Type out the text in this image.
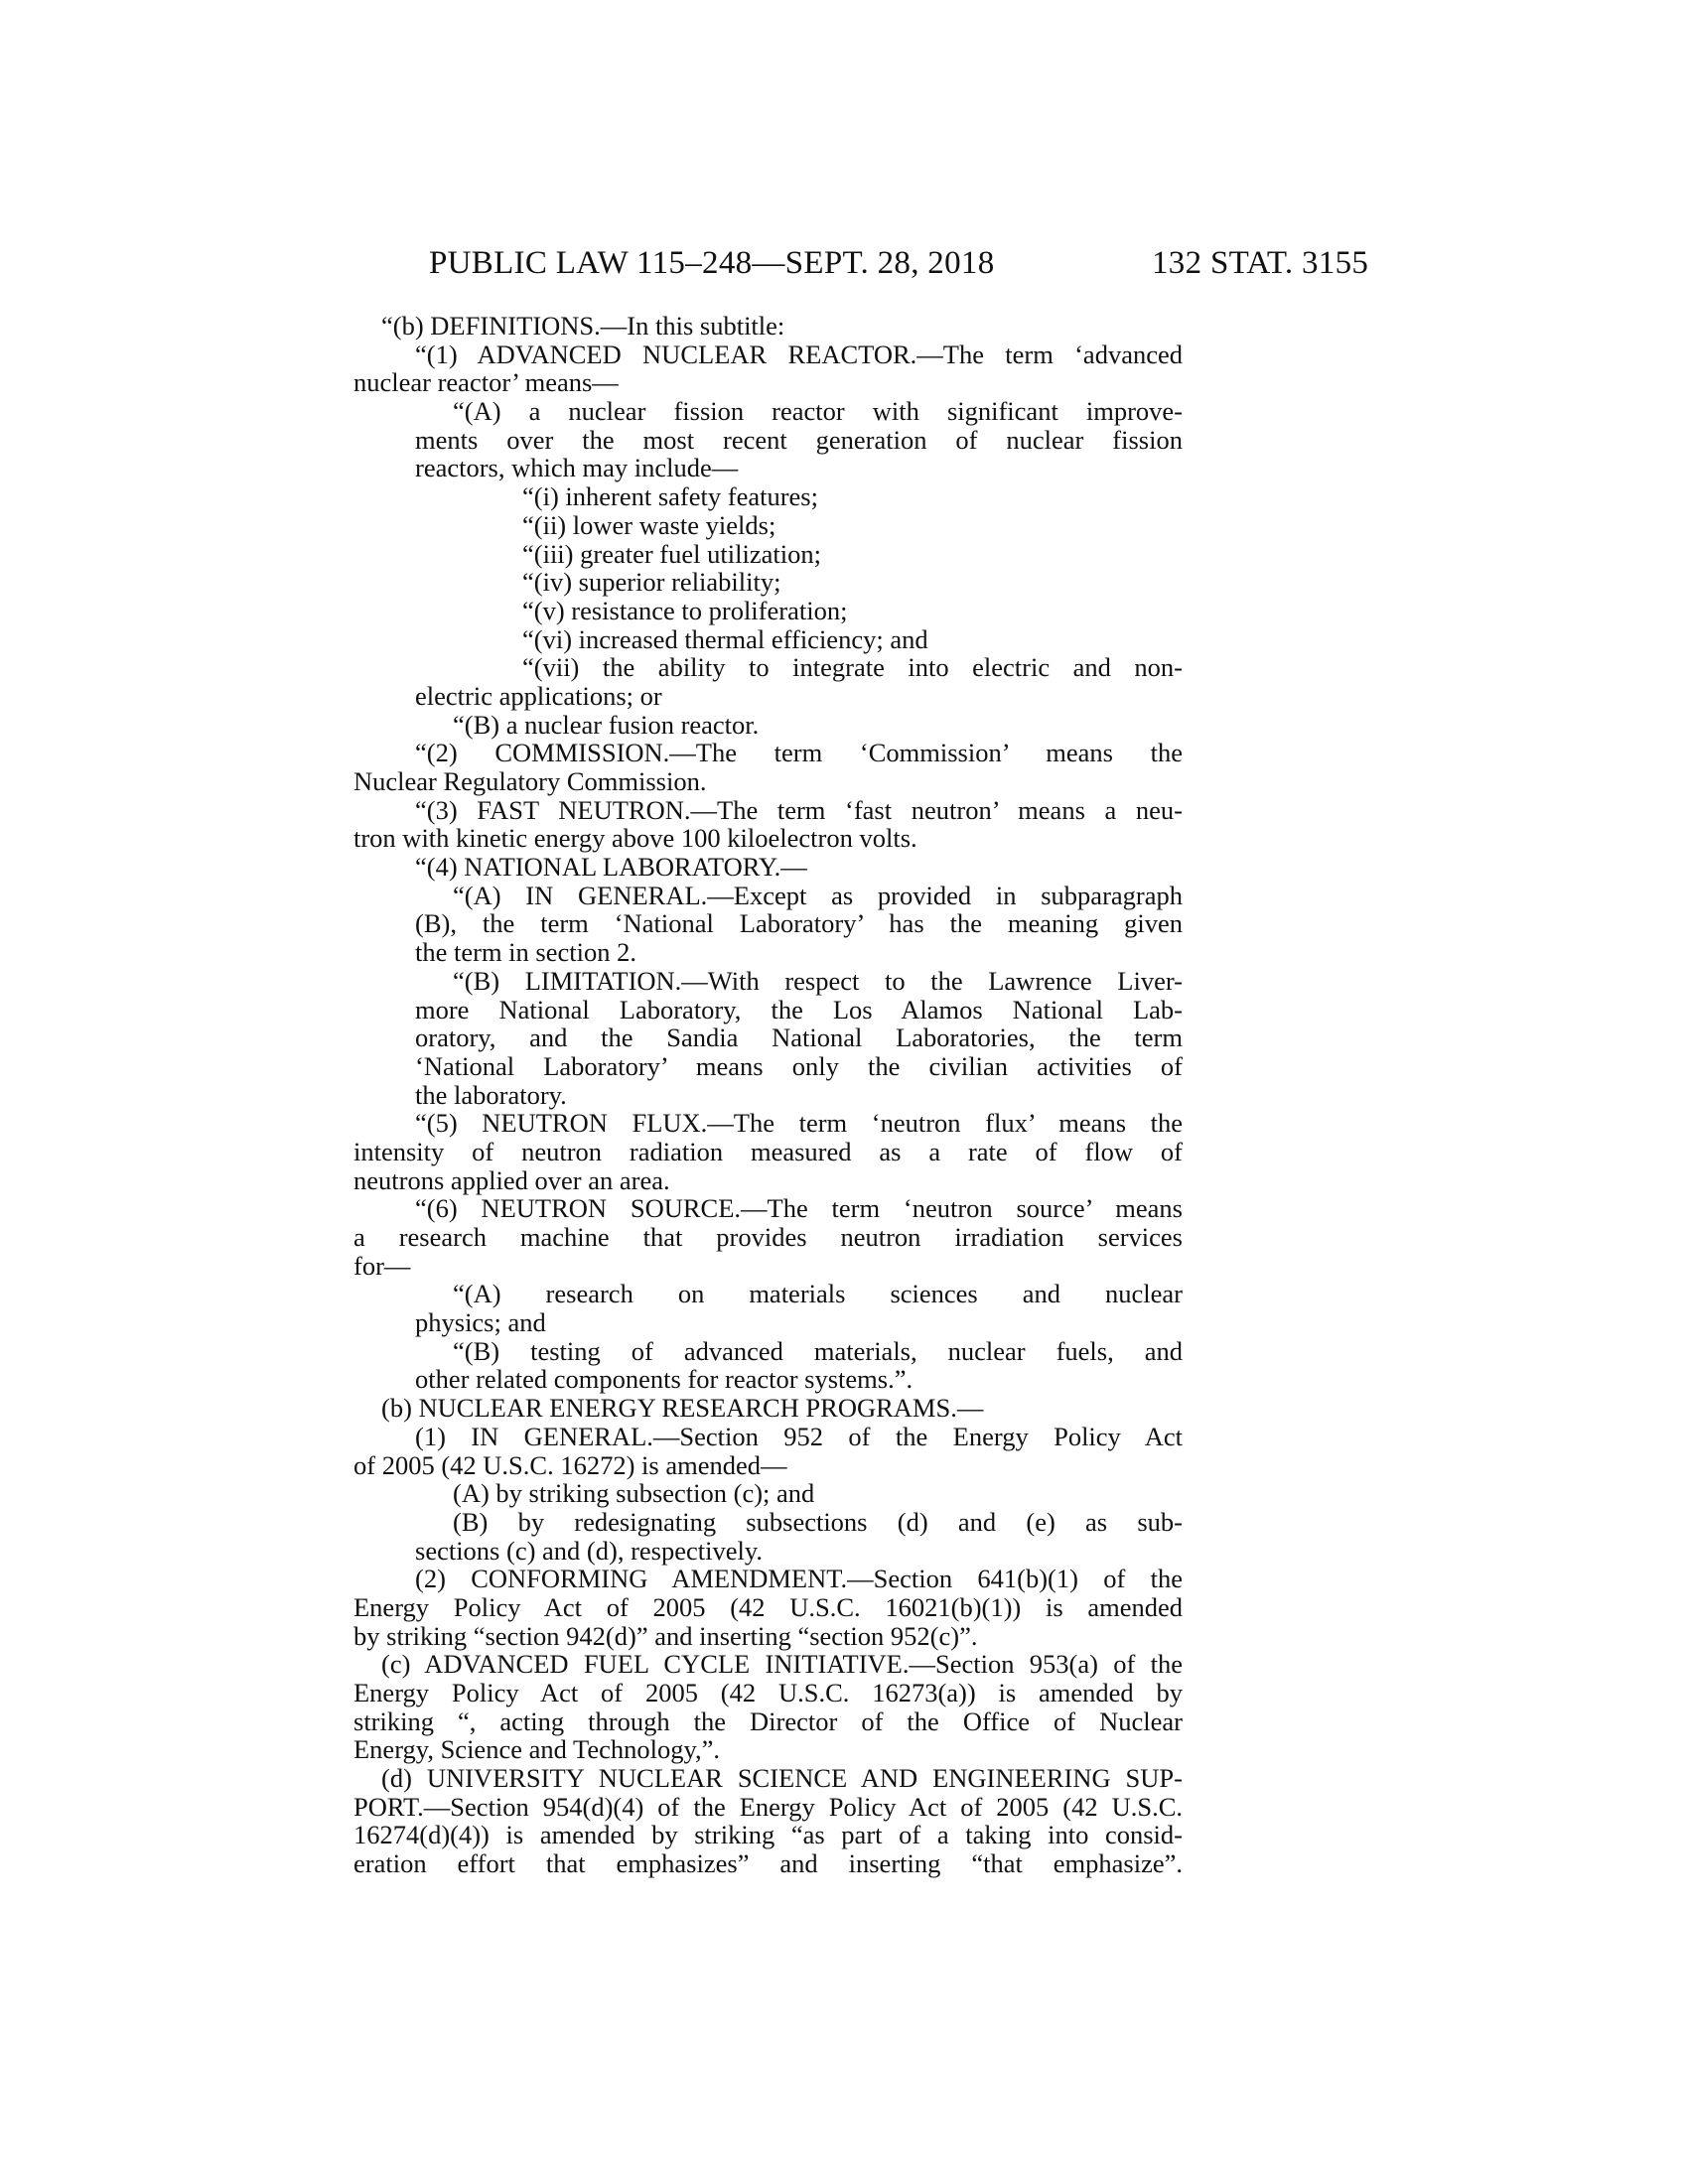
PUBLIC LAW 115–248—SEPT. 28, 2018	132 STAT. 3155
“(b) DEFINITIONS.—In this subtitle:
“(1) ADVANCED NUCLEAR REACTOR.—The term ‘advanced
nuclear reactor’ means—
“(A) a nuclear fission reactor with significant improve-
ments over the most recent generation of nuclear fission
reactors, which may include—
“(i) inherent safety features;
“(ii) lower waste yields;
“(iii) greater fuel utilization;
“(iv) superior reliability;
“(v) resistance to proliferation;
“(vi) increased thermal efficiency; and
“(vii) the ability to integrate into electric and non-
electric applications; or
“(B) a nuclear fusion reactor.
“(2) COMMISSION.—The term ‘Commission’ means the
Nuclear Regulatory Commission.
“(3) FAST NEUTRON.—The term ‘fast neutron’ means a neu-
tron with kinetic energy above 100 kiloelectron volts.
“(4) NATIONAL LABORATORY.—
“(A) IN GENERAL.—Except as provided in subparagraph
(B), the term ‘National Laboratory’ has the meaning given
the term in section 2.
“(B) LIMITATION.—With respect to the Lawrence Liver-
more National Laboratory, the Los Alamos National Lab-
oratory, and the Sandia National Laboratories, the term
‘National Laboratory’ means only the civilian activities of
the laboratory.
“(5) NEUTRON FLUX.—The term ‘neutron flux’ means the
intensity of neutron radiation measured as a rate of flow of
neutrons applied over an area.
“(6) NEUTRON SOURCE.—The term ‘neutron source’ means
a research machine that provides neutron irradiation services
for—
“(A) research on materials sciences and nuclear
physics; and
“(B) testing of advanced materials, nuclear fuels, and
other related components for reactor systems.”.
(b) NUCLEAR ENERGY RESEARCH PROGRAMS.—
(1) IN GENERAL.—Section 952 of the Energy Policy Act
of 2005 (42 U.S.C. 16272) is amended—
(A) by striking subsection (c); and
(B) by redesignating subsections (d) and (e) as sub-
sections (c) and (d), respectively.
(2) CONFORMING AMENDMENT.—Section 641(b)(1) of the
Energy Policy Act of 2005 (42 U.S.C. 16021(b)(1)) is amended
by striking “section 942(d)” and inserting “section 952(c)”.
(c) ADVANCED FUEL CYCLE INITIATIVE.—Section 953(a) of the
Energy Policy Act of 2005 (42 U.S.C. 16273(a)) is amended by
striking “, acting through the Director of the Office of Nuclear
Energy, Science and Technology,”.
(d) UNIVERSITY NUCLEAR SCIENCE AND ENGINEERING SUP-
PORT.—Section 954(d)(4) of the Energy Policy Act of 2005 (42 U.S.C.
16274(d)(4)) is amended by striking “as part of a taking into consid-
eration effort that emphasizes” and inserting “that emphasize”.
